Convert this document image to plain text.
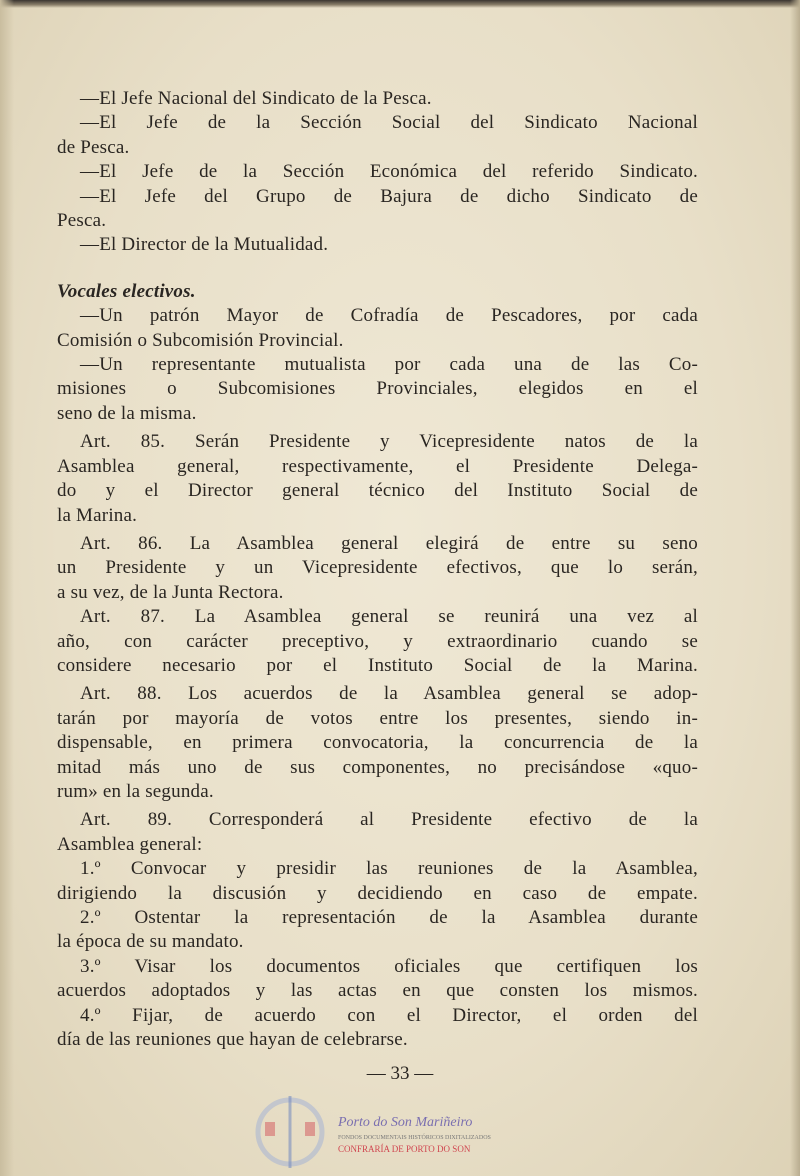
—El Jefe Nacional del Sindicato de la Pesca.
—El Jefe de la Sección Social del Sindicato Nacional
de Pesca.
—El Jefe de la Sección Económica del referido Sindicato.
—El Jefe del Grupo de Bajura de dicho Sindicato de
Pesca.
—El Director de la Mutualidad.
Vocales electivos.
—Un patrón Mayor de Cofradía de Pescadores, por cada
Comisión o Subcomisión Provincial.
—Un representante mutualista por cada una de las Co-
misiones o Subcomisiones Provinciales, elegidos en el
seno de la misma.
Art. 85. Serán Presidente y Vicepresidente natos de la
Asamblea general, respectivamente, el Presidente Delega-
do y el Director general técnico del Instituto Social de
la Marina.
Art. 86. La Asamblea general elegirá de entre su seno
un Presidente y un Vicepresidente efectivos, que lo serán,
a su vez, de la Junta Rectora.
Art. 87. La Asamblea general se reunirá una vez al
año, con carácter preceptivo, y extraordinario cuando se
considere necesario por el Instituto Social de la Marina.
Art. 88. Los acuerdos de la Asamblea general se adop-
tarán por mayoría de votos entre los presentes, siendo in-
dispensable, en primera convocatoria, la concurrencia de la
mitad más uno de sus componentes, no precisándose «quo-
rum» en la segunda.
Art. 89. Corresponderá al Presidente efectivo de la
Asamblea general:
1.º Convocar y presidir las reuniones de la Asamblea,
dirigiendo la discusión y decidiendo en caso de empate.
2.º Ostentar la representación de la Asamblea durante
la época de su mandato.
3.º Visar los documentos oficiales que certifiquen los
acuerdos adoptados y las actas en que consten los mismos.
4.º Fijar, de acuerdo con el Director, el orden del
día de las reuniones que hayan de celebrarse.
— 33 —
Porto do Son Mariñeiro
FONDOS DOCUMENTAIS HISTÓRICOS DIXITALIZADOS
CONFRARÍA DE PORTO DO SON
